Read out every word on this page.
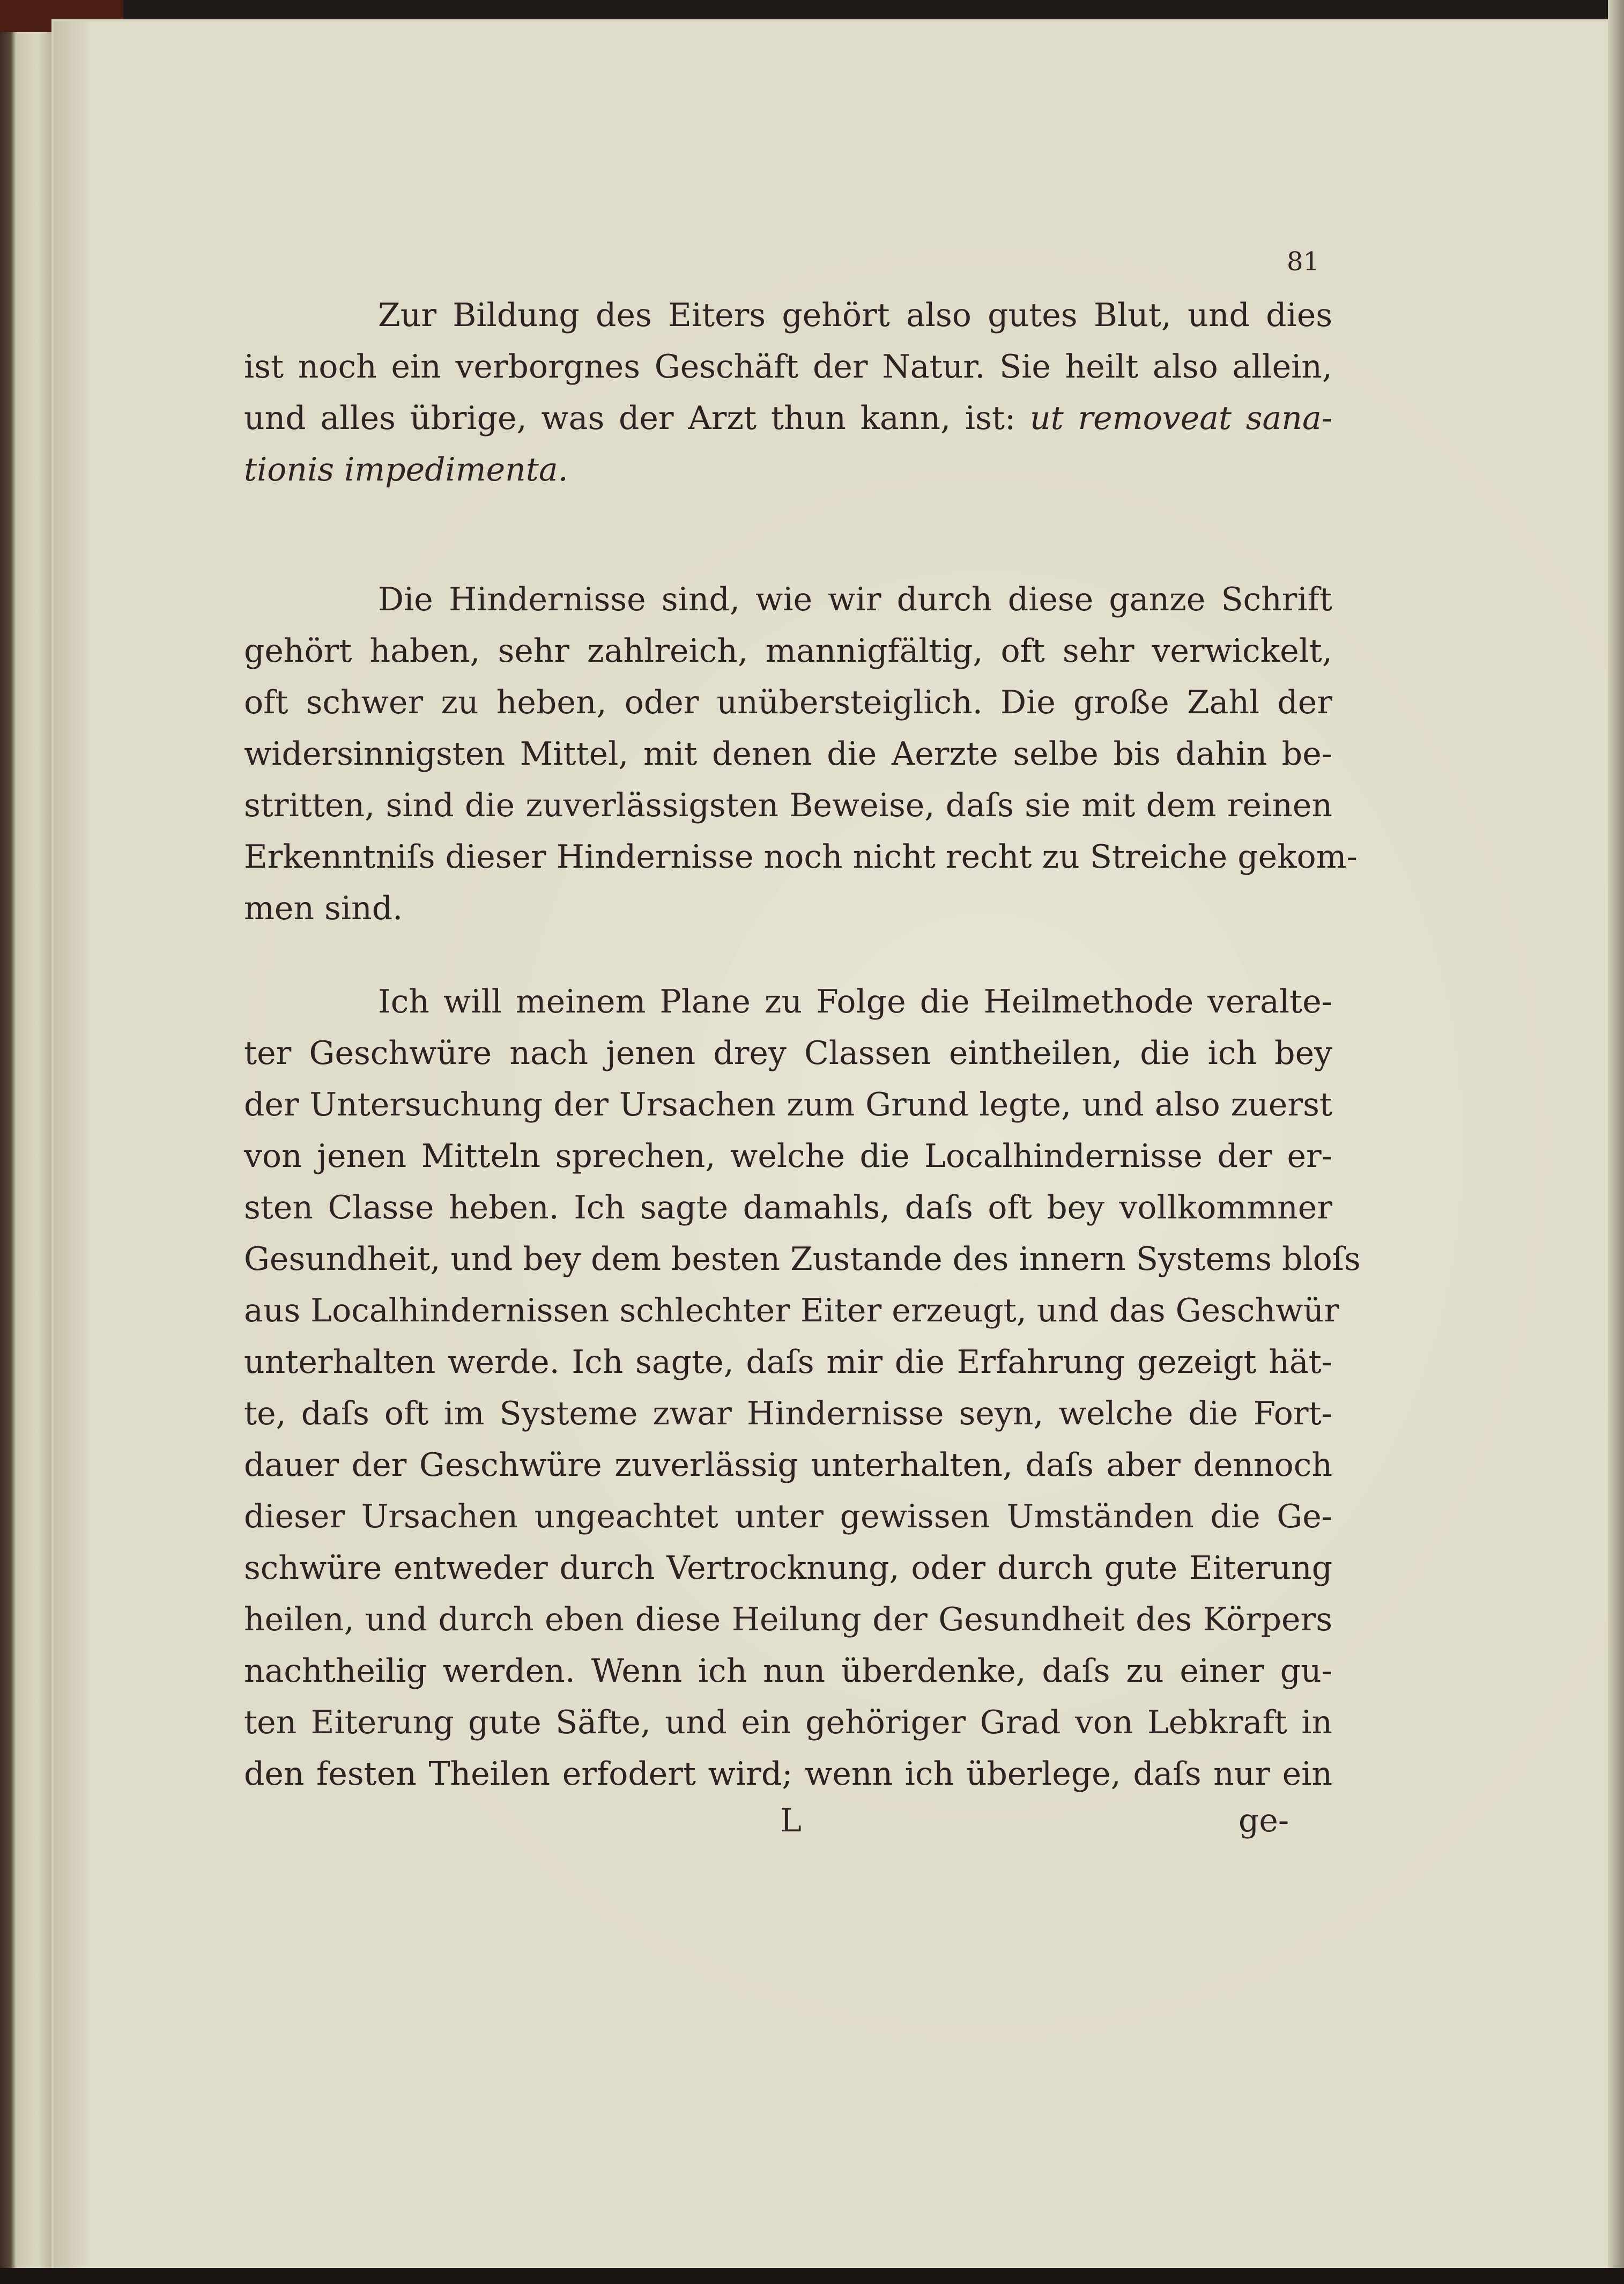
81
Zur Bildung des Eiters gehört also gutes Blut, und dies
ist noch ein verborgnes Geschäft der Natur. Sie heilt also allein,
und alles übrige, was der Arzt thun kann, ist: ut removeat sana-
tionis impedimenta.
Die Hindernisse sind, wie wir durch diese ganze Schrift
gehört haben, sehr zahlreich, mannigfältig, oft sehr verwickelt,
oft schwer zu heben, oder unübersteiglich. Die große Zahl der
widersinnigsten Mittel, mit denen die Aerzte selbe bis dahin be-
stritten, sind die zuverlässigsten Beweise, daſs sie mit dem reinen
Erkenntniſs dieser Hindernisse noch nicht recht zu Streiche gekom-
men sind.
Ich will meinem Plane zu Folge die Heilmethode veralte-
ter Geschwüre nach jenen drey Classen eintheilen, die ich bey
der Untersuchung der Ursachen zum Grund legte, und also zuerst
von jenen Mitteln sprechen, welche die Localhindernisse der er-
sten Classe heben. Ich sagte damahls, daſs oft bey vollkommner
Gesundheit, und bey dem besten Zustande des innern Systems bloſs
aus Localhindernissen schlechter Eiter erzeugt, und das Geschwür
unterhalten werde. Ich sagte, daſs mir die Erfahrung gezeigt hät-
te, daſs oft im Systeme zwar Hindernisse seyn, welche die Fort-
dauer der Geschwüre zuverlässig unterhalten, daſs aber dennoch
dieser Ursachen ungeachtet unter gewissen Umständen die Ge-
schwüre entweder durch Vertrocknung, oder durch gute Eiterung
heilen, und durch eben diese Heilung der Gesundheit des Körpers
nachtheilig werden. Wenn ich nun überdenke, daſs zu einer gu-
ten Eiterung gute Säfte, und ein gehöriger Grad von Lebkraft in
den festen Theilen erfodert wird; wenn ich überlege, daſs nur ein
L	ge-
